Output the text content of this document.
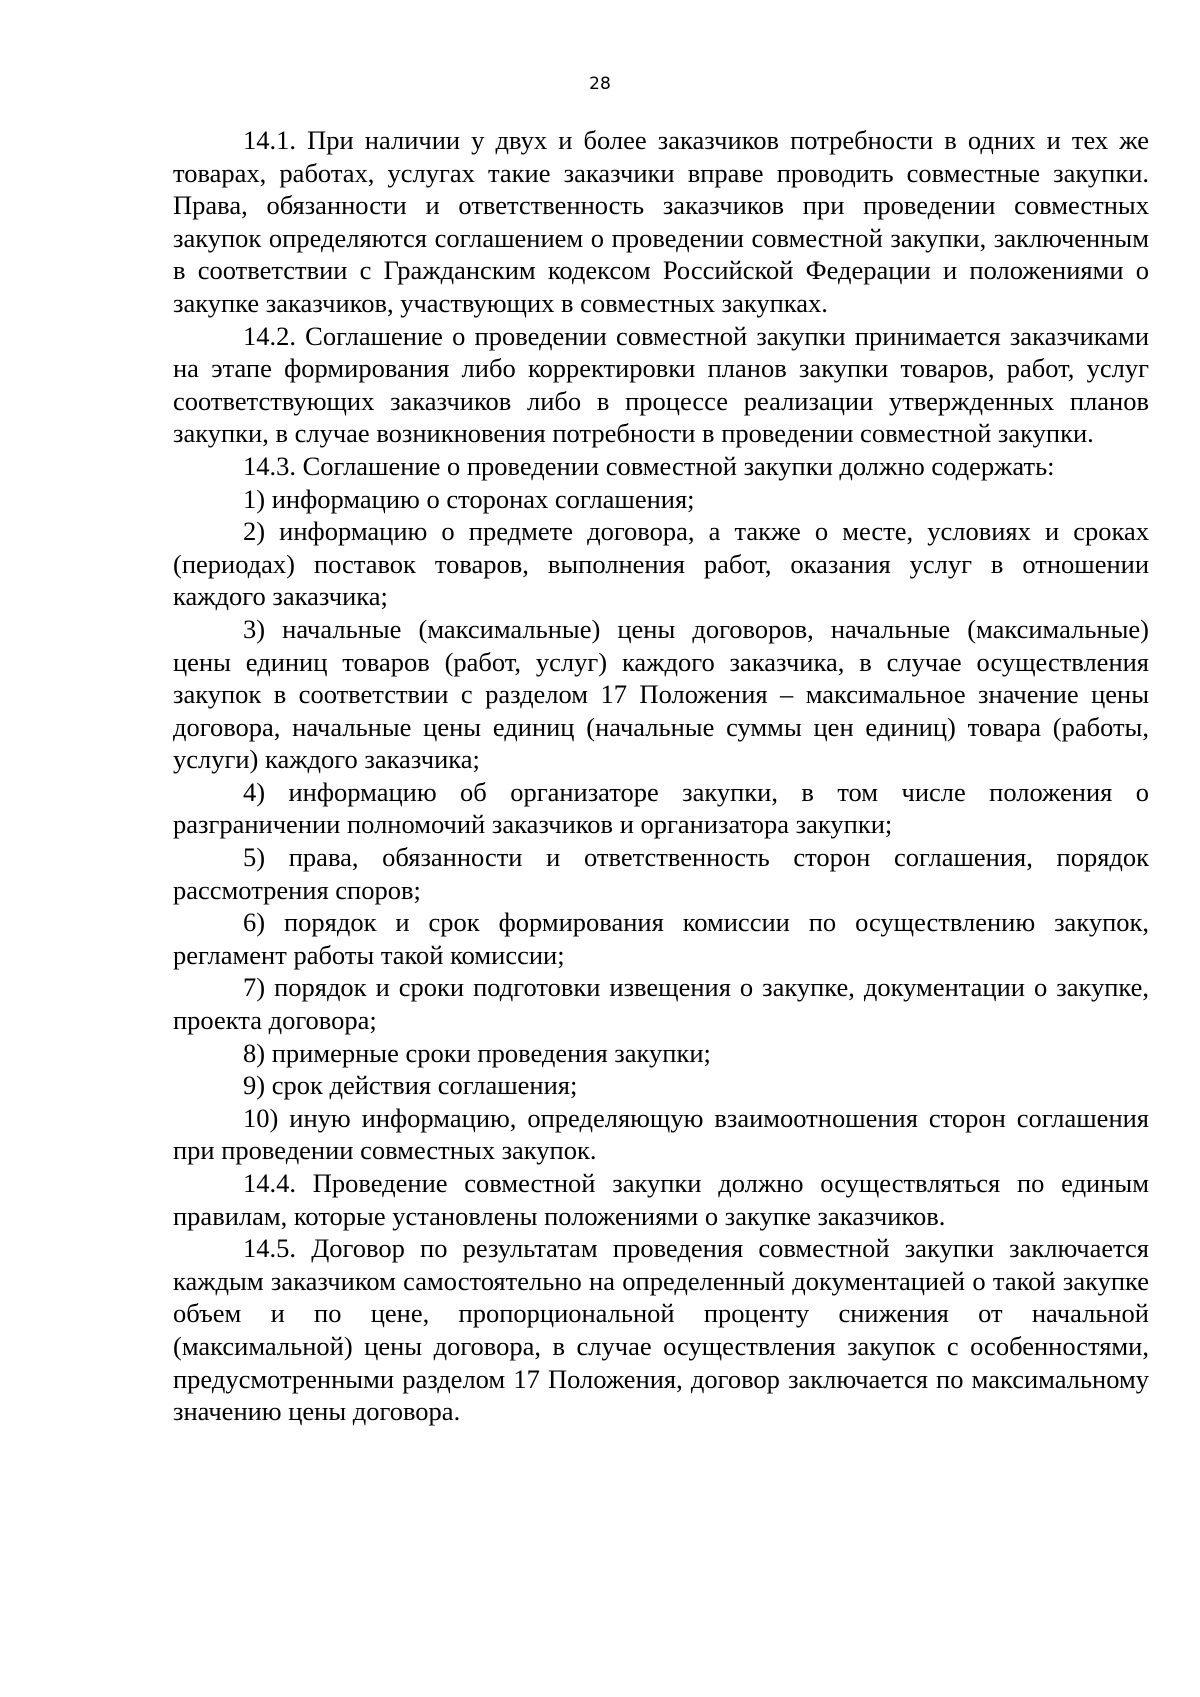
28

14.1. При наличии у двух и более заказчиков потребности в одних и тех же товарах, работах, услугах такие заказчики вправе проводить совместные закупки. Права, обязанности и ответственность заказчиков при проведении совместных закупок определяются соглашением о проведении совместной закупки, заключенным в соответствии с Гражданским кодексом Российской Федерации и положениями о закупке заказчиков, участвующих в совместных закупках.

14.2. Соглашение о проведении совместной закупки принимается заказчиками на этапе формирования либо корректировки планов закупки товаров, работ, услуг соответствующих заказчиков либо в процессе реализации утвержденных планов закупки, в случае возникновения потребности в проведении совместной закупки.

14.3. Соглашение о проведении совместной закупки должно содержать:

1) информацию о сторонах соглашения;

2) информацию о предмете договора, а также о месте, условиях и сроках (периодах) поставок товаров, выполнения работ, оказания услуг в отношении каждого заказчика;

3) начальные (максимальные) цены договоров, начальные (максимальные) цены единиц товаров (работ, услуг) каждого заказчика, в случае осуществления закупок в соответствии с разделом 17 Положения – максимальное значение цены договора, начальные цены единиц (начальные суммы цен единиц) товара (работы, услуги) каждого заказчика;

4) информацию об организаторе закупки, в том числе положения о разграничении полномочий заказчиков и организатора закупки;

5) права, обязанности и ответственность сторон соглашения, порядок рассмотрения споров;

6) порядок и срок формирования комиссии по осуществлению закупок, регламент работы такой комиссии;

7) порядок и сроки подготовки извещения о закупке, документации о закупке, проекта договора;

8) примерные сроки проведения закупки;

9) срок действия соглашения;

10) иную информацию, определяющую взаимоотношения сторон соглашения при проведении совместных закупок.

14.4. Проведение совместной закупки должно осуществляться по единым правилам, которые установлены положениями о закупке заказчиков.

14.5. Договор по результатам проведения совместной закупки заключается каждым заказчиком самостоятельно на определенный документацией о такой закупке объем и по цене, пропорциональной проценту снижения от начальной (максимальной) цены договора, в случае осуществления закупок с особенностями, предусмотренными разделом 17 Положения, договор заключается по максимальному значению цены договора.
